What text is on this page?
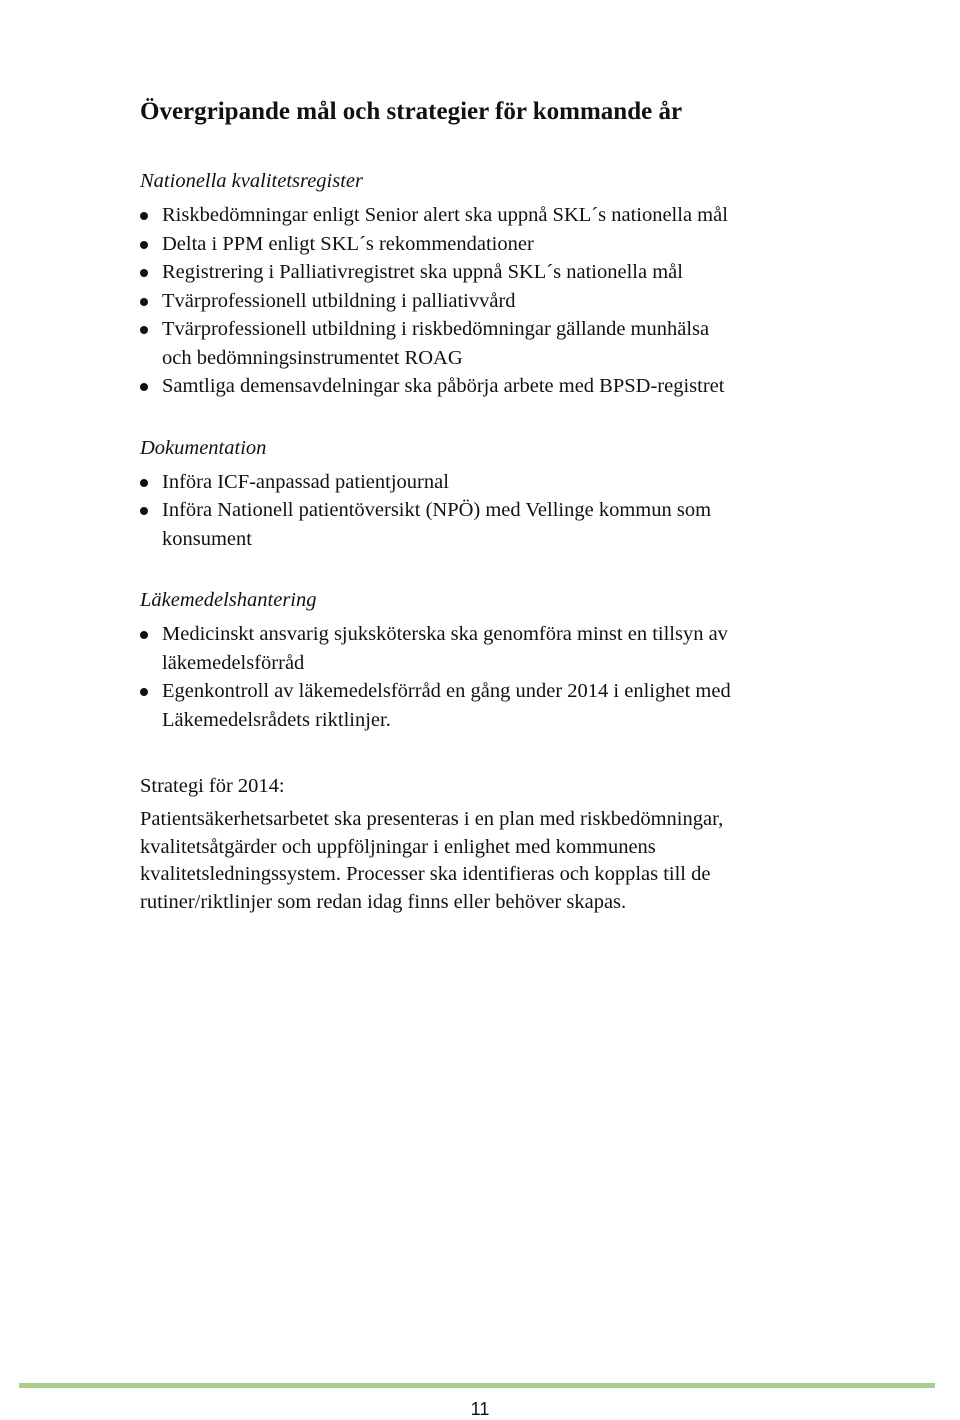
Övergripande mål och strategier för kommande år

Nationella kvalitetsregister

Riskbedömningar enligt Senior alert ska uppnå SKL´s nationella mål
Delta i PPM enligt SKL´s rekommendationer
Registrering i Palliativregistret ska uppnå SKL´s nationella mål
Tvärprofessionell utbildning i palliativvård
Tvärprofessionell utbildning i riskbedömningar gällande munhälsa
och bedömningsinstrumentet ROAG
Samtliga demensavdelningar ska påbörja arbete med BPSD-registret

Dokumentation

Införa ICF-anpassad patientjournal
Införa Nationell patientöversikt (NPÖ) med Vellinge kommun som
konsument

Läkemedelshantering

Medicinskt ansvarig sjuksköterska ska genomföra minst en tillsyn av
läkemedelsförråd
Egenkontroll av läkemedelsförråd en gång under 2014 i enlighet med
Läkemedelsrådets riktlinjer.

Strategi för 2014:

Patientsäkerhetsarbetet ska presenteras i en plan med riskbedömningar,
kvalitetsåtgärder och uppföljningar i enlighet med kommunens
kvalitetsledningssystem. Processer ska identifieras och kopplas till de
rutiner/riktlinjer som redan idag finns eller behöver skapas.

11
